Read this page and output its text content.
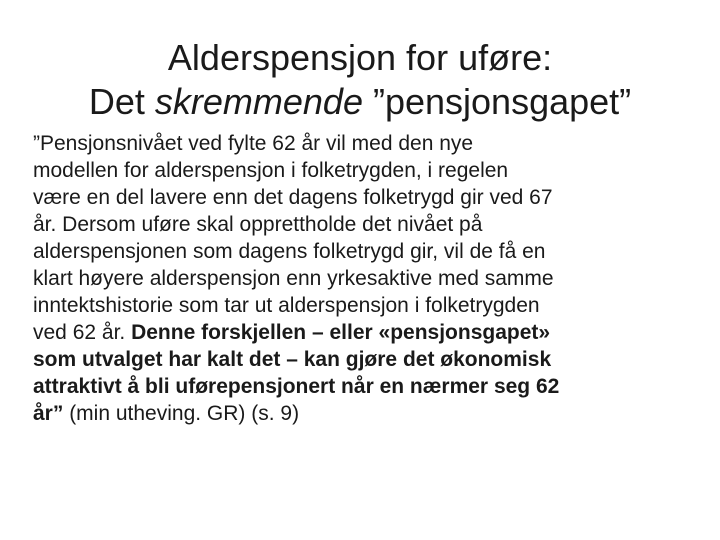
Alderspensjon for uføre:
Det skremmende ”pensjonsgapet”

”Pensjonsnivået ved fylte 62 år vil med den nye
modellen for alderspensjon i folketrygden, i regelen
være en del lavere enn det dagens folketrygd gir ved 67
år. Dersom uføre skal opprettholde det nivået på
alderspensjonen som dagens folketrygd gir, vil de få en
klart høyere alderspensjon enn yrkesaktive med samme
inntektshistorie som tar ut alderspensjon i folketrygden
ved 62 år. Denne forskjellen – eller «pensjonsgapet»
som utvalget har kalt det – kan gjøre det økonomisk
attraktivt å bli uførepensjonert når en nærmer seg 62
år” (min utheving. GR) (s. 9)
